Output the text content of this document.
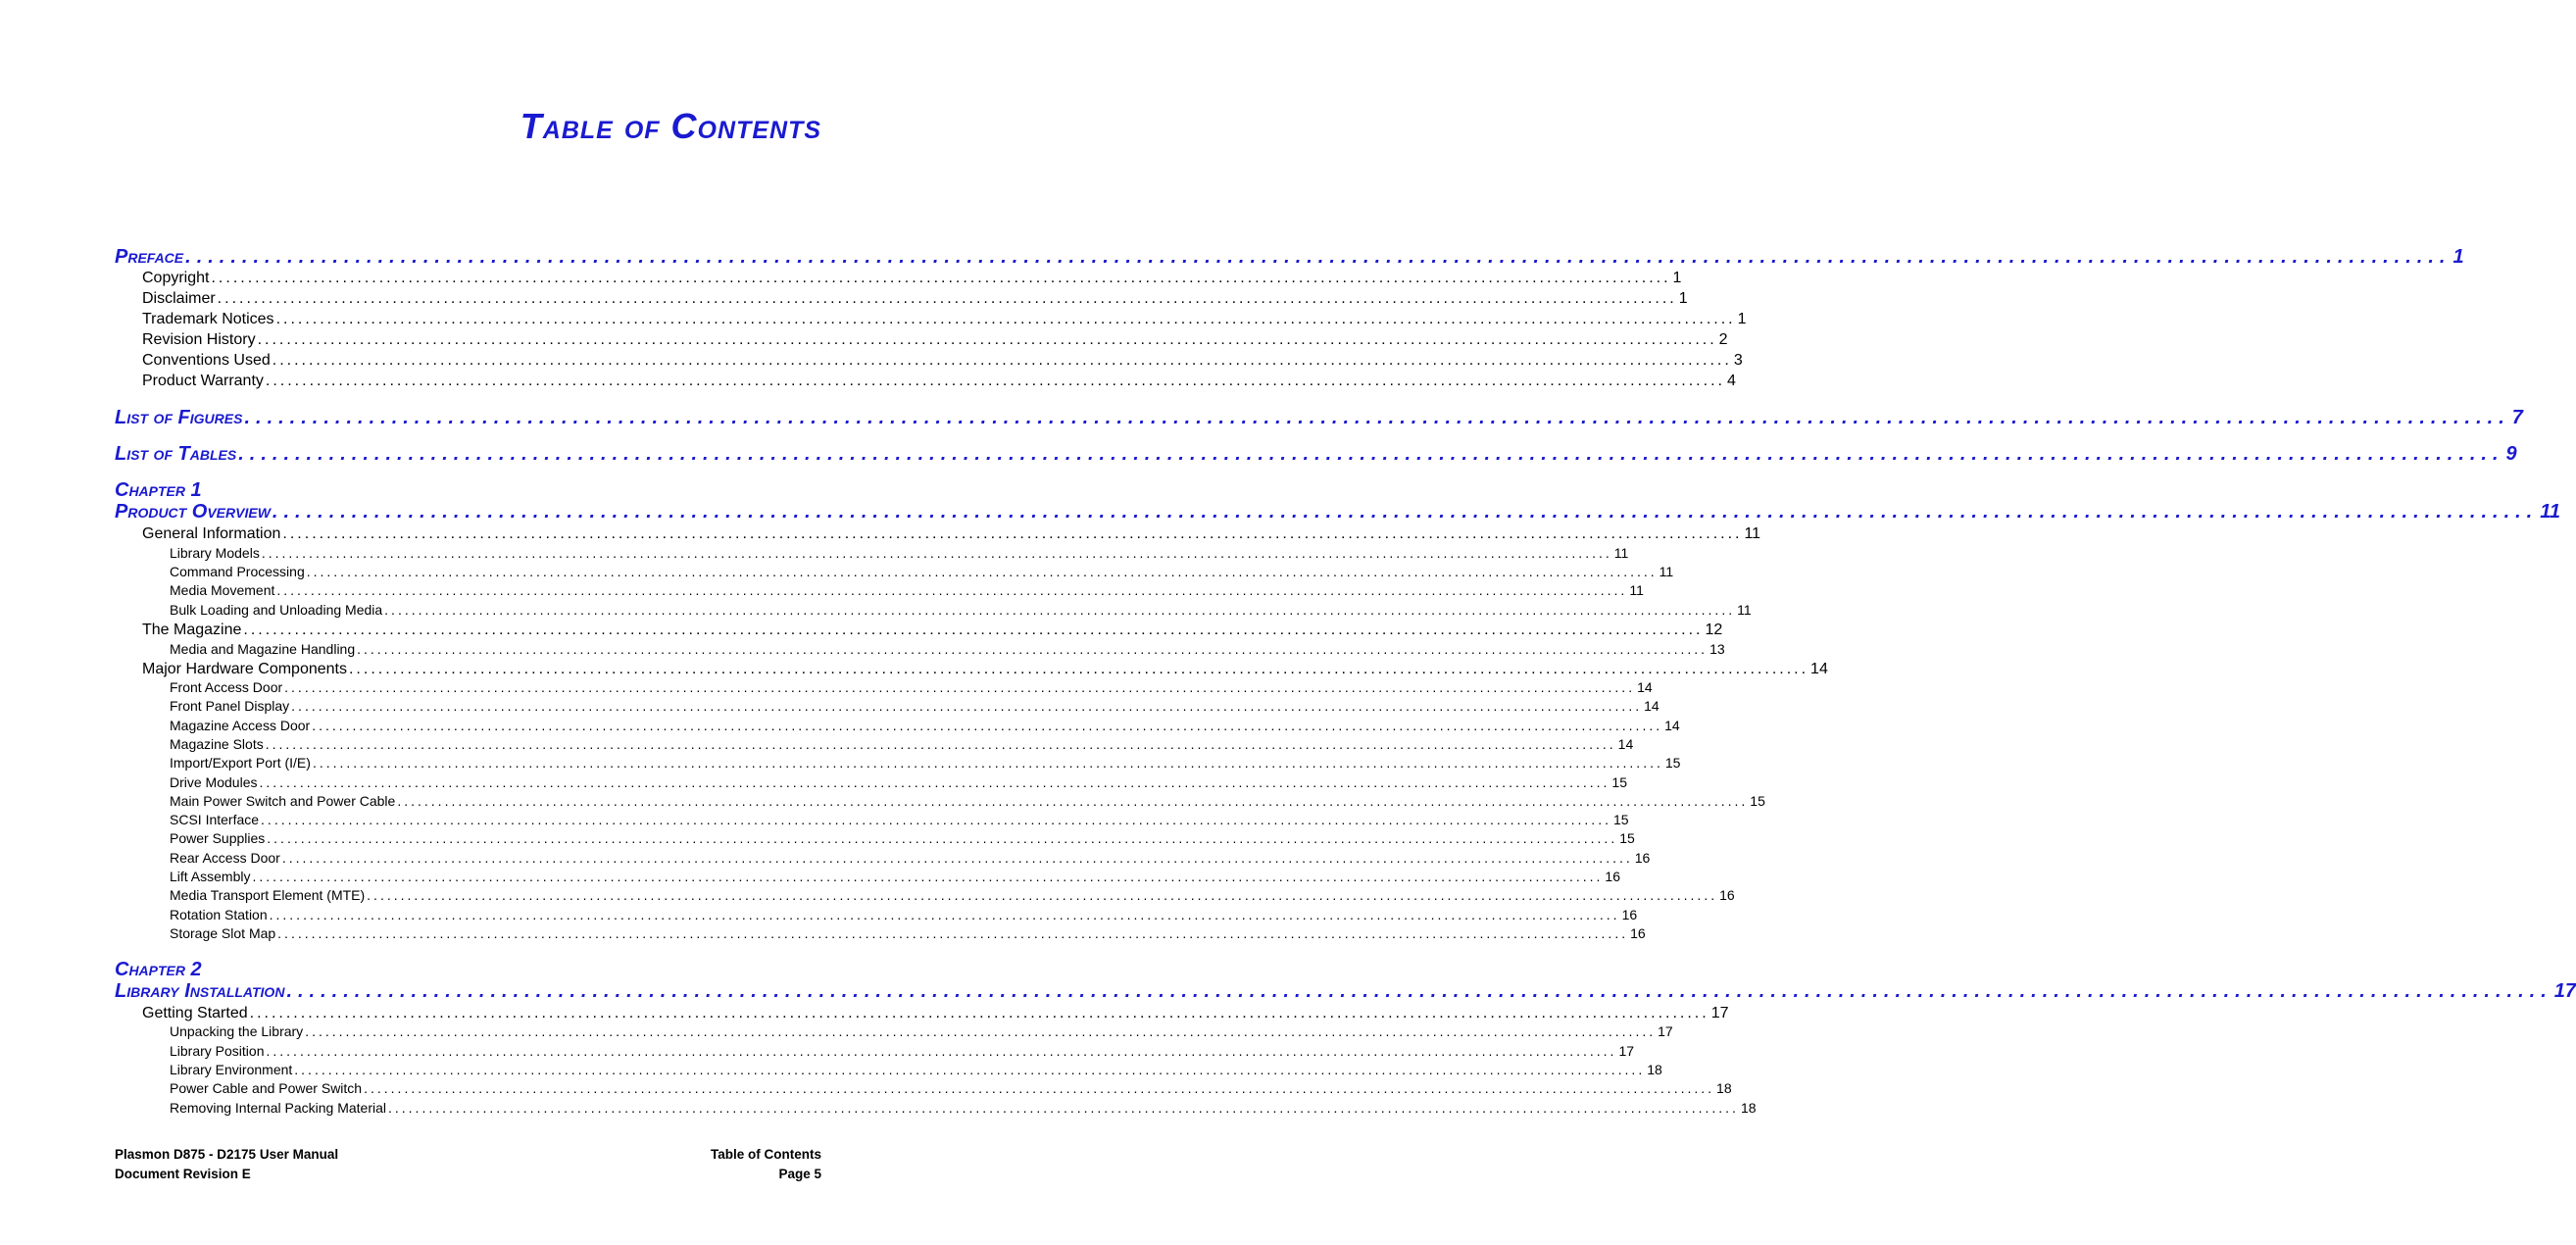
Table of Contents
Preface ........................................................................................................................................................................................................ 1
Copyright ........................................................................................................................................................................................................ 1
Disclaimer ........................................................................................................................................................................................................ 1
Trademark Notices ........................................................................................................................................................................................................ 1
Revision History ........................................................................................................................................................................................................ 2
Conventions Used ........................................................................................................................................................................................................ 3
Product Warranty ........................................................................................................................................................................................................ 4
List of Figures ........................................................................................................................................................................................................ 7
List of Tables ........................................................................................................................................................................................................ 9
Chapter 1
Product Overview ........................................................................................................................................................................................................ 11
General Information ........................................................................................................................................................................................................ 11
Library Models ........................................................................................................................................................................................................ 11
Command Processing ........................................................................................................................................................................................................ 11
Media Movement ........................................................................................................................................................................................................ 11
Bulk Loading and Unloading Media ........................................................................................................................................................................................................ 11
The Magazine ........................................................................................................................................................................................................ 12
Media and Magazine Handling ........................................................................................................................................................................................................ 13
Major Hardware Components ........................................................................................................................................................................................................ 14
Front Access Door ........................................................................................................................................................................................................ 14
Front Panel Display ........................................................................................................................................................................................................ 14
Magazine Access Door ........................................................................................................................................................................................................ 14
Magazine Slots ........................................................................................................................................................................................................ 14
Import/Export Port (I/E) ........................................................................................................................................................................................................ 15
Drive Modules ........................................................................................................................................................................................................ 15
Main Power Switch and Power Cable ........................................................................................................................................................................................................ 15
SCSI Interface ........................................................................................................................................................................................................ 15
Power Supplies ........................................................................................................................................................................................................ 15
Rear Access Door ........................................................................................................................................................................................................ 16
Lift Assembly ........................................................................................................................................................................................................ 16
Media Transport Element (MTE) ........................................................................................................................................................................................................ 16
Rotation Station ........................................................................................................................................................................................................ 16
Storage Slot Map ........................................................................................................................................................................................................ 16
Chapter 2
Library Installation ........................................................................................................................................................................................................ 17
Getting Started ........................................................................................................................................................................................................ 17
Unpacking the Library ........................................................................................................................................................................................................ 17
Library Position ........................................................................................................................................................................................................ 17
Library Environment ........................................................................................................................................................................................................ 18
Power Cable and Power Switch ........................................................................................................................................................................................................ 18
Removing Internal Packing Material ........................................................................................................................................................................................................ 18
Plasmon D875 - D2175 User Manual
Document Revision E
Table of Contents
Page 5
